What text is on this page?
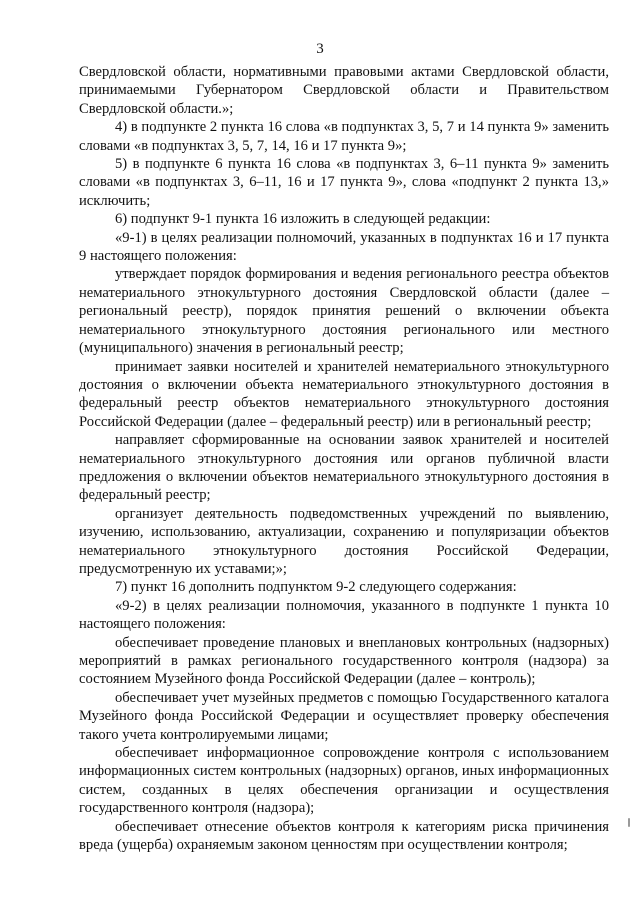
3

Свердловской области, нормативными правовыми актами Свердловской области, принимаемыми Губернатором Свердловской области и Правительством Свердловской области.»;

4) в подпункте 2 пункта 16 слова «в подпунктах 3, 5, 7 и 14 пункта 9» заменить словами «в подпунктах 3, 5, 7, 14, 16 и 17 пункта 9»;

5) в подпункте 6 пункта 16 слова «в подпунктах 3, 6–11 пункта 9» заменить словами «в подпунктах 3, 6–11, 16 и 17 пункта 9», слова «подпункт 2 пункта 13,» исключить;

6) подпункт 9-1 пункта 16 изложить в следующей редакции:

«9-1) в целях реализации полномочий, указанных в подпунктах 16 и 17 пункта 9 настоящего положения:

утверждает порядок формирования и ведения регионального реестра объектов нематериального этнокультурного достояния Свердловской области (далее – региональный реестр), порядок принятия решений о включении объекта нематериального этнокультурного достояния регионального или местного (муниципального) значения в региональный реестр;

принимает заявки носителей и хранителей нематериального этнокультурного достояния о включении объекта нематериального этнокультурного достояния в федеральный реестр объектов нематериального этнокультурного достояния Российской Федерации (далее – федеральный реестр) или в региональный реестр;

направляет сформированные на основании заявок хранителей и носителей нематериального этнокультурного достояния или органов публичной власти предложения о включении объектов нематериального этнокультурного достояния в федеральный реестр;

организует деятельность подведомственных учреждений по выявлению, изучению, использованию, актуализации, сохранению и популяризации объектов нематериального этнокультурного достояния Российской Федерации, предусмотренную их уставами;»;

7) пункт 16 дополнить подпунктом 9-2 следующего содержания:

«9-2) в целях реализации полномочия, указанного в подпункте 1 пункта 10 настоящего положения:

обеспечивает проведение плановых и внеплановых контрольных (надзорных) мероприятий в рамках регионального государственного контроля (надзора) за состоянием Музейного фонда Российской Федерации (далее – контроль);

обеспечивает учет музейных предметов с помощью Государственного каталога Музейного фонда Российской Федерации и осуществляет проверку обеспечения такого учета контролируемыми лицами;

обеспечивает информационное сопровождение контроля с использованием информационных систем контрольных (надзорных) органов, иных информационных систем, созданных в целях обеспечения организации и осуществления государственного контроля (надзора);

обеспечивает отнесение объектов контроля к категориям риска причинения вреда (ущерба) охраняемым законом ценностям при осуществлении контроля;
